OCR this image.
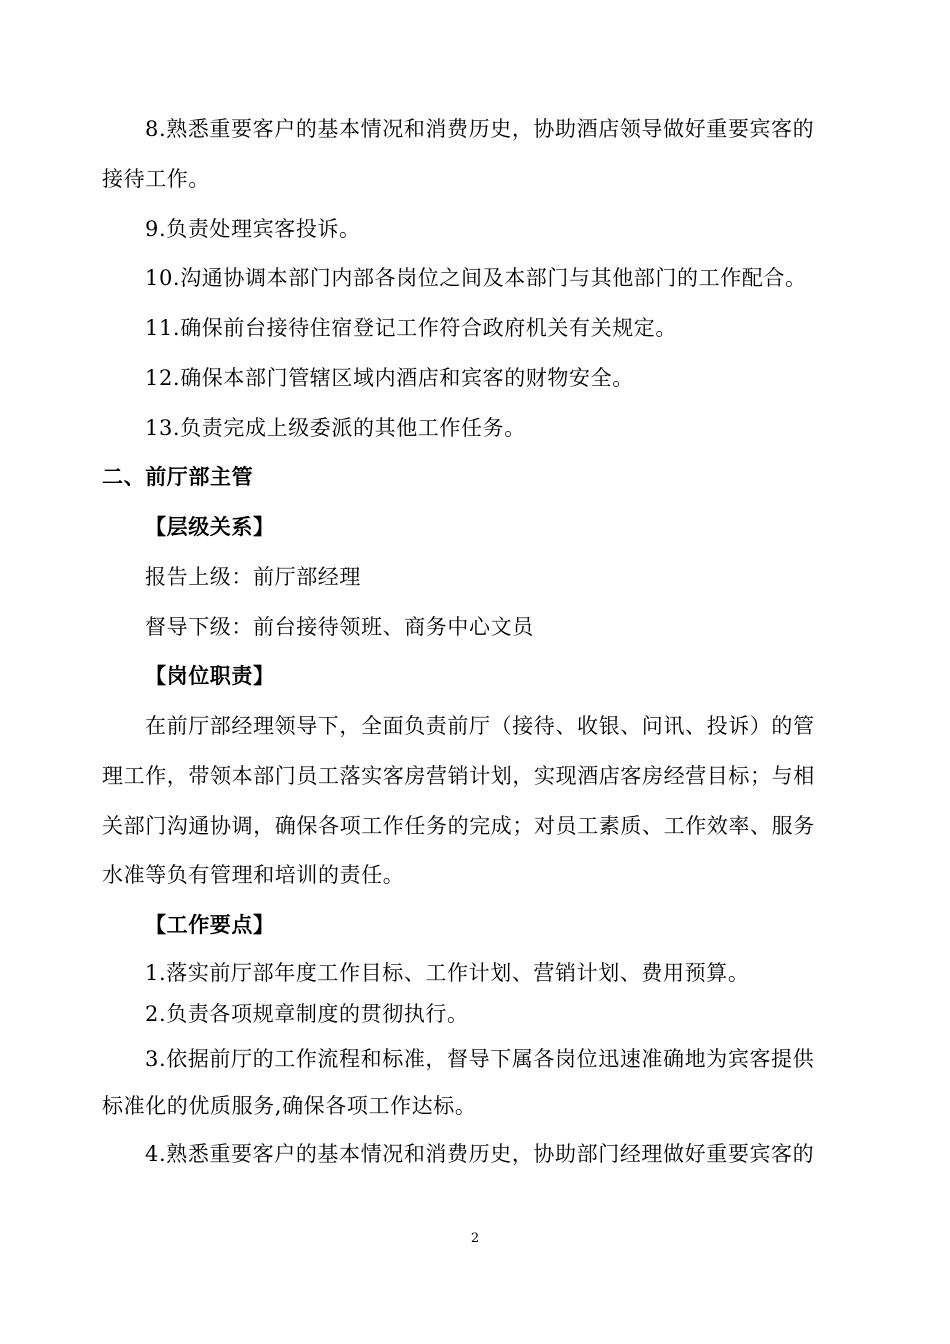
8.熟悉重要客户的基本情况和消费历史，协助酒店领导做好重要宾客的
接待工作。
9.负责处理宾客投诉。
10.沟通协调本部门内部各岗位之间及本部门与其他部门的工作配合。
11.确保前台接待住宿登记工作符合政府机关有关规定。
12.确保本部门管辖区域内酒店和宾客的财物安全。
13.负责完成上级委派的其他工作任务。
二、前厅部主管
【层级关系】
报告上级：前厅部经理
督导下级：前台接待领班、商务中心文员
【岗位职责】
在前厅部经理领导下，全面负责前厅（接待、收银、问讯、投诉）的管
理工作，带领本部门员工落实客房营销计划，实现酒店客房经营目标；与相
关部门沟通协调，确保各项工作任务的完成；对员工素质、工作效率、服务
水准等负有管理和培训的责任。
【工作要点】
1.落实前厅部年度工作目标、工作计划、营销计划、费用预算。
2.负责各项规章制度的贯彻执行。
3.依据前厅的工作流程和标准，督导下属各岗位迅速准确地为宾客提供
标准化的优质服务,确保各项工作达标。
4.熟悉重要客户的基本情况和消费历史，协助部门经理做好重要宾客的
2
